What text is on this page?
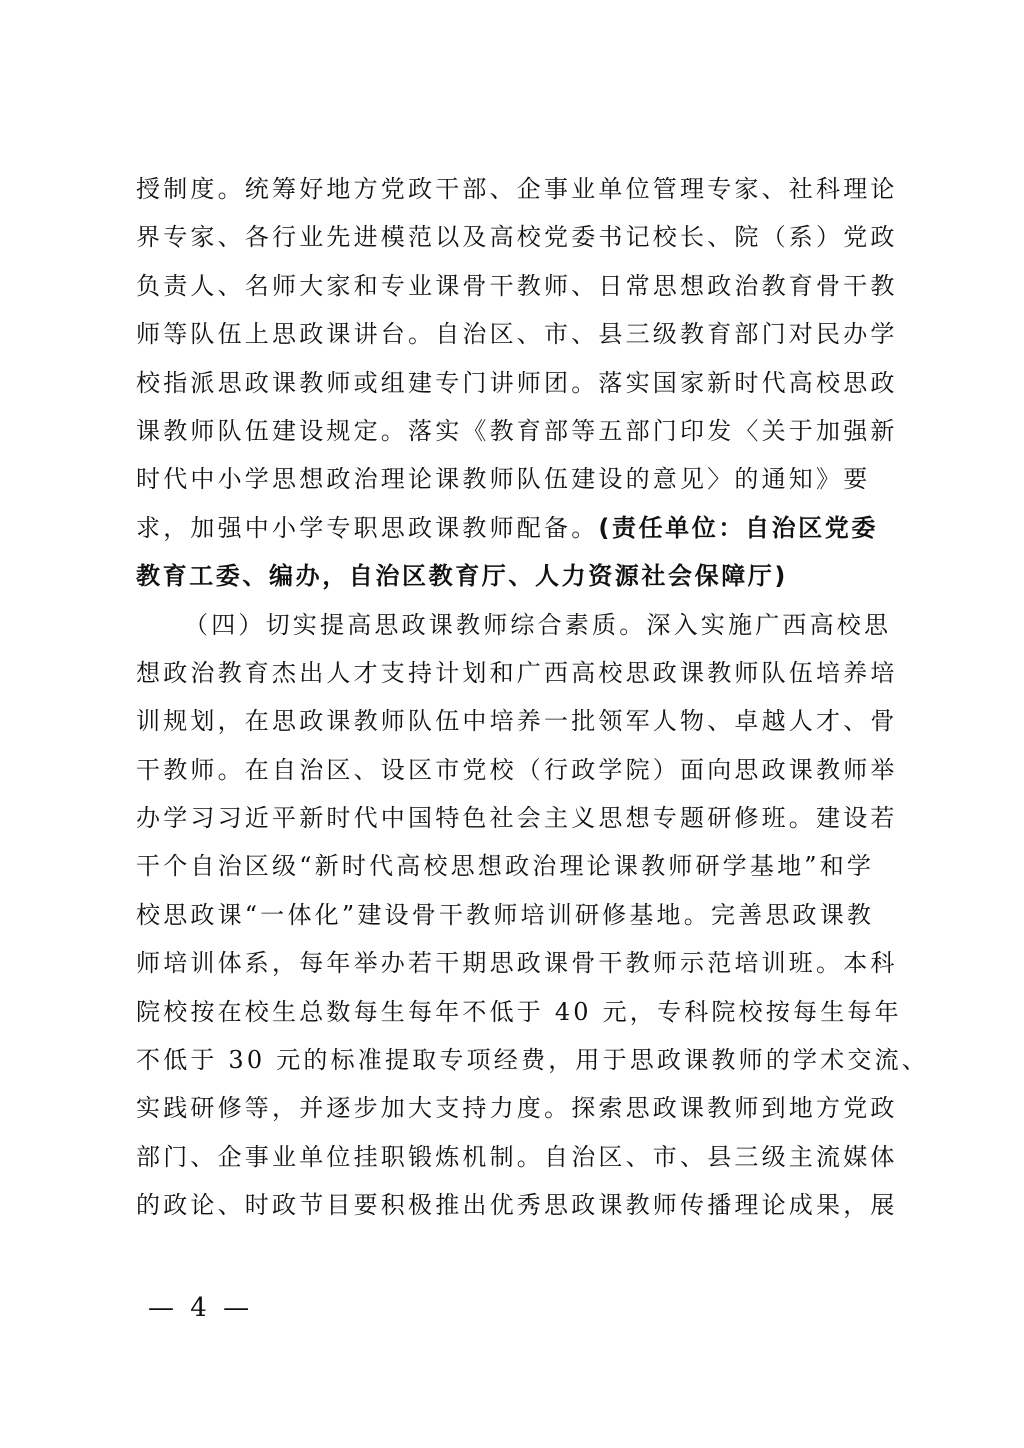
授制度。统筹好地方党政干部、企事业单位管理专家、社科理论
界专家、各行业先进模范以及高校党委书记校长、院（系）党政
负责人、名师大家和专业课骨干教师、日常思想政治教育骨干教
师等队伍上思政课讲台。自治区、市、县三级教育部门对民办学
校指派思政课教师或组建专门讲师团。落实国家新时代高校思政
课教师队伍建设规定。落实《教育部等五部门印发〈关于加强新
时代中小学思想政治理论课教师队伍建设的意见〉的通知》要
求，加强中小学专职思政课教师配备。(责任单位：自治区党委
教育工委、编办，自治区教育厅、人力资源社会保障厅)
（四）切实提高思政课教师综合素质。深入实施广西高校思
想政治教育杰出人才支持计划和广西高校思政课教师队伍培养培
训规划，在思政课教师队伍中培养一批领军人物、卓越人才、骨
干教师。在自治区、设区市党校（行政学院）面向思政课教师举
办学习习近平新时代中国特色社会主义思想专题研修班。建设若
干个自治区级“新时代高校思想政治理论课教师研学基地”和学
校思政课“一体化”建设骨干教师培训研修基地。完善思政课教
师培训体系，每年举办若干期思政课骨干教师示范培训班。本科
院校按在校生总数每生每年不低于 40 元，专科院校按每生每年
不低于 30 元的标准提取专项经费，用于思政课教师的学术交流、
实践研修等，并逐步加大支持力度。探索思政课教师到地方党政
部门、企事业单位挂职锻炼机制。自治区、市、县三级主流媒体
的政论、时政节目要积极推出优秀思政课教师传播理论成果，展
— 4 —
